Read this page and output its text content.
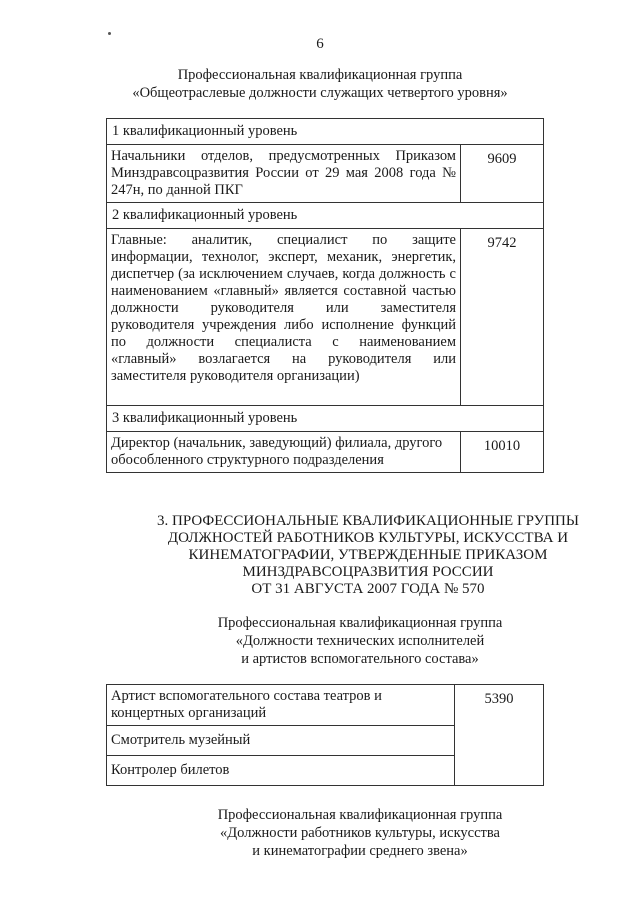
6
Профессиональная квалификационная группа
«Общеотраслевые должности служащих четвертого уровня»
1 квалификационный уровень	
Начальники отделов, предусмотренных Приказом Минздравсоцразвития России от 29 мая 2008 года № 247н, по данной ПКГ	9609
2 квалификационный уровень	
Главные: аналитик, специалист по защите информации, технолог, эксперт, механик, энергетик, диспетчер (за исключением случаев, когда должность с наименованием «главный» является составной частью должности руководителя или заместителя руководителя учреждения либо исполнение функций по должности специалиста с наименованием «главный» возлагается на руководителя или заместителя руководителя организации)	9742
3 квалификационный уровень	
Директор (начальник, заведующий) филиала, другого обособленного структурного подразделения	10010
3. ПРОФЕССИОНАЛЬНЫЕ КВАЛИФИКАЦИОННЫЕ ГРУППЫ
ДОЛЖНОСТЕЙ РАБОТНИКОВ КУЛЬТУРЫ, ИСКУССТВА И
КИНЕМАТОГРАФИИ, УТВЕРЖДЕННЫЕ ПРИКАЗОМ
МИНЗДРАВСОЦРАЗВИТИЯ РОССИИ
ОТ 31 АВГУСТА 2007 ГОДА № 570
Профессиональная квалификационная группа
«Должности технических исполнителей
и артистов вспомогательного состава»
Артист вспомогательного состава театров и концертных организаций	5390
Смотритель музейный
Контролер билетов
Профессиональная квалификационная группа
«Должности работников культуры, искусства
и кинематографии среднего звена»
